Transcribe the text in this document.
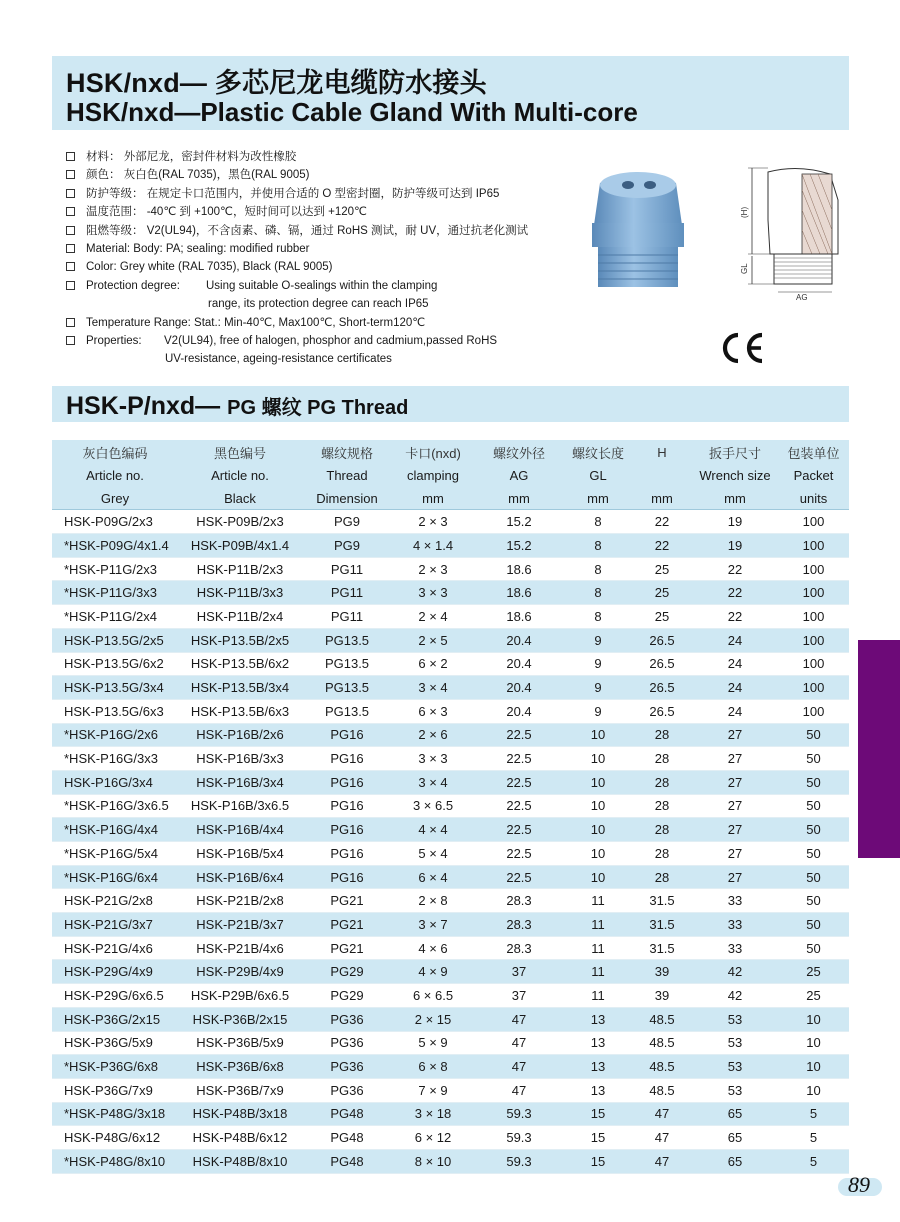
HSK/nxd— 多芯尼龙电缆防水接头
HSK/nxd—Plastic Cable Gland With Multi-core
材料： 外部尼龙，密封件材料为改性橡胶
颜色： 灰白色(RAL 7035)，黑色(RAL 9005)
防护等级： 在规定卡口范围内，并使用合适的 O 型密封圈，防护等级可达到 IP65
温度范围： -40℃ 到 +100℃，短时间可以达到 +120℃
阻燃等级： V2(UL94)，不含卤素、磷、镉，通过 RoHS 测试，耐 UV，通过抗老化测试
Material: Body: PA; sealing: modified rubber
Color: Grey white (RAL 7035), Black (RAL 9005)
Protection degree: Using suitable O-sealings within the clamping
range, its protection degree can reach IP65
Temperature Range: Stat.: Min-40℃, Max100℃, Short-term120℃
Properties: V2(UL94), free of halogen, phosphor and cadmium,passed RoHS
UV-resistance, ageing-resistance certificates
(H)
GL
AG
HSK-P/nxd— PG 螺纹 PG Thread
灰白色编码	黑色编号	螺纹规格	卡口(nxd)	螺纹外径	螺纹长度	H	扳手尺寸	包装单位
Article no.	Article no.	Thread	clamping	AG	GL		Wrench size	Packet
Grey	Black	Dimension	mm	mm	mm	mm	mm	units
HSK-P09G/2x3	HSK-P09B/2x3	PG9	2 × 3	15.2	8	22	19	100
*HSK-P09G/4x1.4	HSK-P09B/4x1.4	PG9	4 × 1.4	15.2	8	22	19	100
*HSK-P11G/2x3	HSK-P11B/2x3	PG11	2 × 3	18.6	8	25	22	100
*HSK-P11G/3x3	HSK-P11B/3x3	PG11	3 × 3	18.6	8	25	22	100
*HSK-P11G/2x4	HSK-P11B/2x4	PG11	2 × 4	18.6	8	25	22	100
HSK-P13.5G/2x5	HSK-P13.5B/2x5	PG13.5	2 × 5	20.4	9	26.5	24	100
HSK-P13.5G/6x2	HSK-P13.5B/6x2	PG13.5	6 × 2	20.4	9	26.5	24	100
HSK-P13.5G/3x4	HSK-P13.5B/3x4	PG13.5	3 × 4	20.4	9	26.5	24	100
HSK-P13.5G/6x3	HSK-P13.5B/6x3	PG13.5	6 × 3	20.4	9	26.5	24	100
*HSK-P16G/2x6	HSK-P16B/2x6	PG16	2 × 6	22.5	10	28	27	50
*HSK-P16G/3x3	HSK-P16B/3x3	PG16	3 × 3	22.5	10	28	27	50
HSK-P16G/3x4	HSK-P16B/3x4	PG16	3 × 4	22.5	10	28	27	50
*HSK-P16G/3x6.5	HSK-P16B/3x6.5	PG16	3 × 6.5	22.5	10	28	27	50
*HSK-P16G/4x4	HSK-P16B/4x4	PG16	4 × 4	22.5	10	28	27	50
*HSK-P16G/5x4	HSK-P16B/5x4	PG16	5 × 4	22.5	10	28	27	50
*HSK-P16G/6x4	HSK-P16B/6x4	PG16	6 × 4	22.5	10	28	27	50
HSK-P21G/2x8	HSK-P21B/2x8	PG21	2 × 8	28.3	11	31.5	33	50
HSK-P21G/3x7	HSK-P21B/3x7	PG21	3 × 7	28.3	11	31.5	33	50
HSK-P21G/4x6	HSK-P21B/4x6	PG21	4 × 6	28.3	11	31.5	33	50
HSK-P29G/4x9	HSK-P29B/4x9	PG29	4 × 9	37	11	39	42	25
HSK-P29G/6x6.5	HSK-P29B/6x6.5	PG29	6 × 6.5	37	11	39	42	25
HSK-P36G/2x15	HSK-P36B/2x15	PG36	2 × 15	47	13	48.5	53	10
HSK-P36G/5x9	HSK-P36B/5x9	PG36	5 × 9	47	13	48.5	53	10
*HSK-P36G/6x8	HSK-P36B/6x8	PG36	6 × 8	47	13	48.5	53	10
HSK-P36G/7x9	HSK-P36B/7x9	PG36	7 × 9	47	13	48.5	53	10
*HSK-P48G/3x18	HSK-P48B/3x18	PG48	3 × 18	59.3	15	47	65	5
HSK-P48G/6x12	HSK-P48B/6x12	PG48	6 × 12	59.3	15	47	65	5
*HSK-P48G/8x10	HSK-P48B/8x10	PG48	8 × 10	59.3	15	47	65	5
89
